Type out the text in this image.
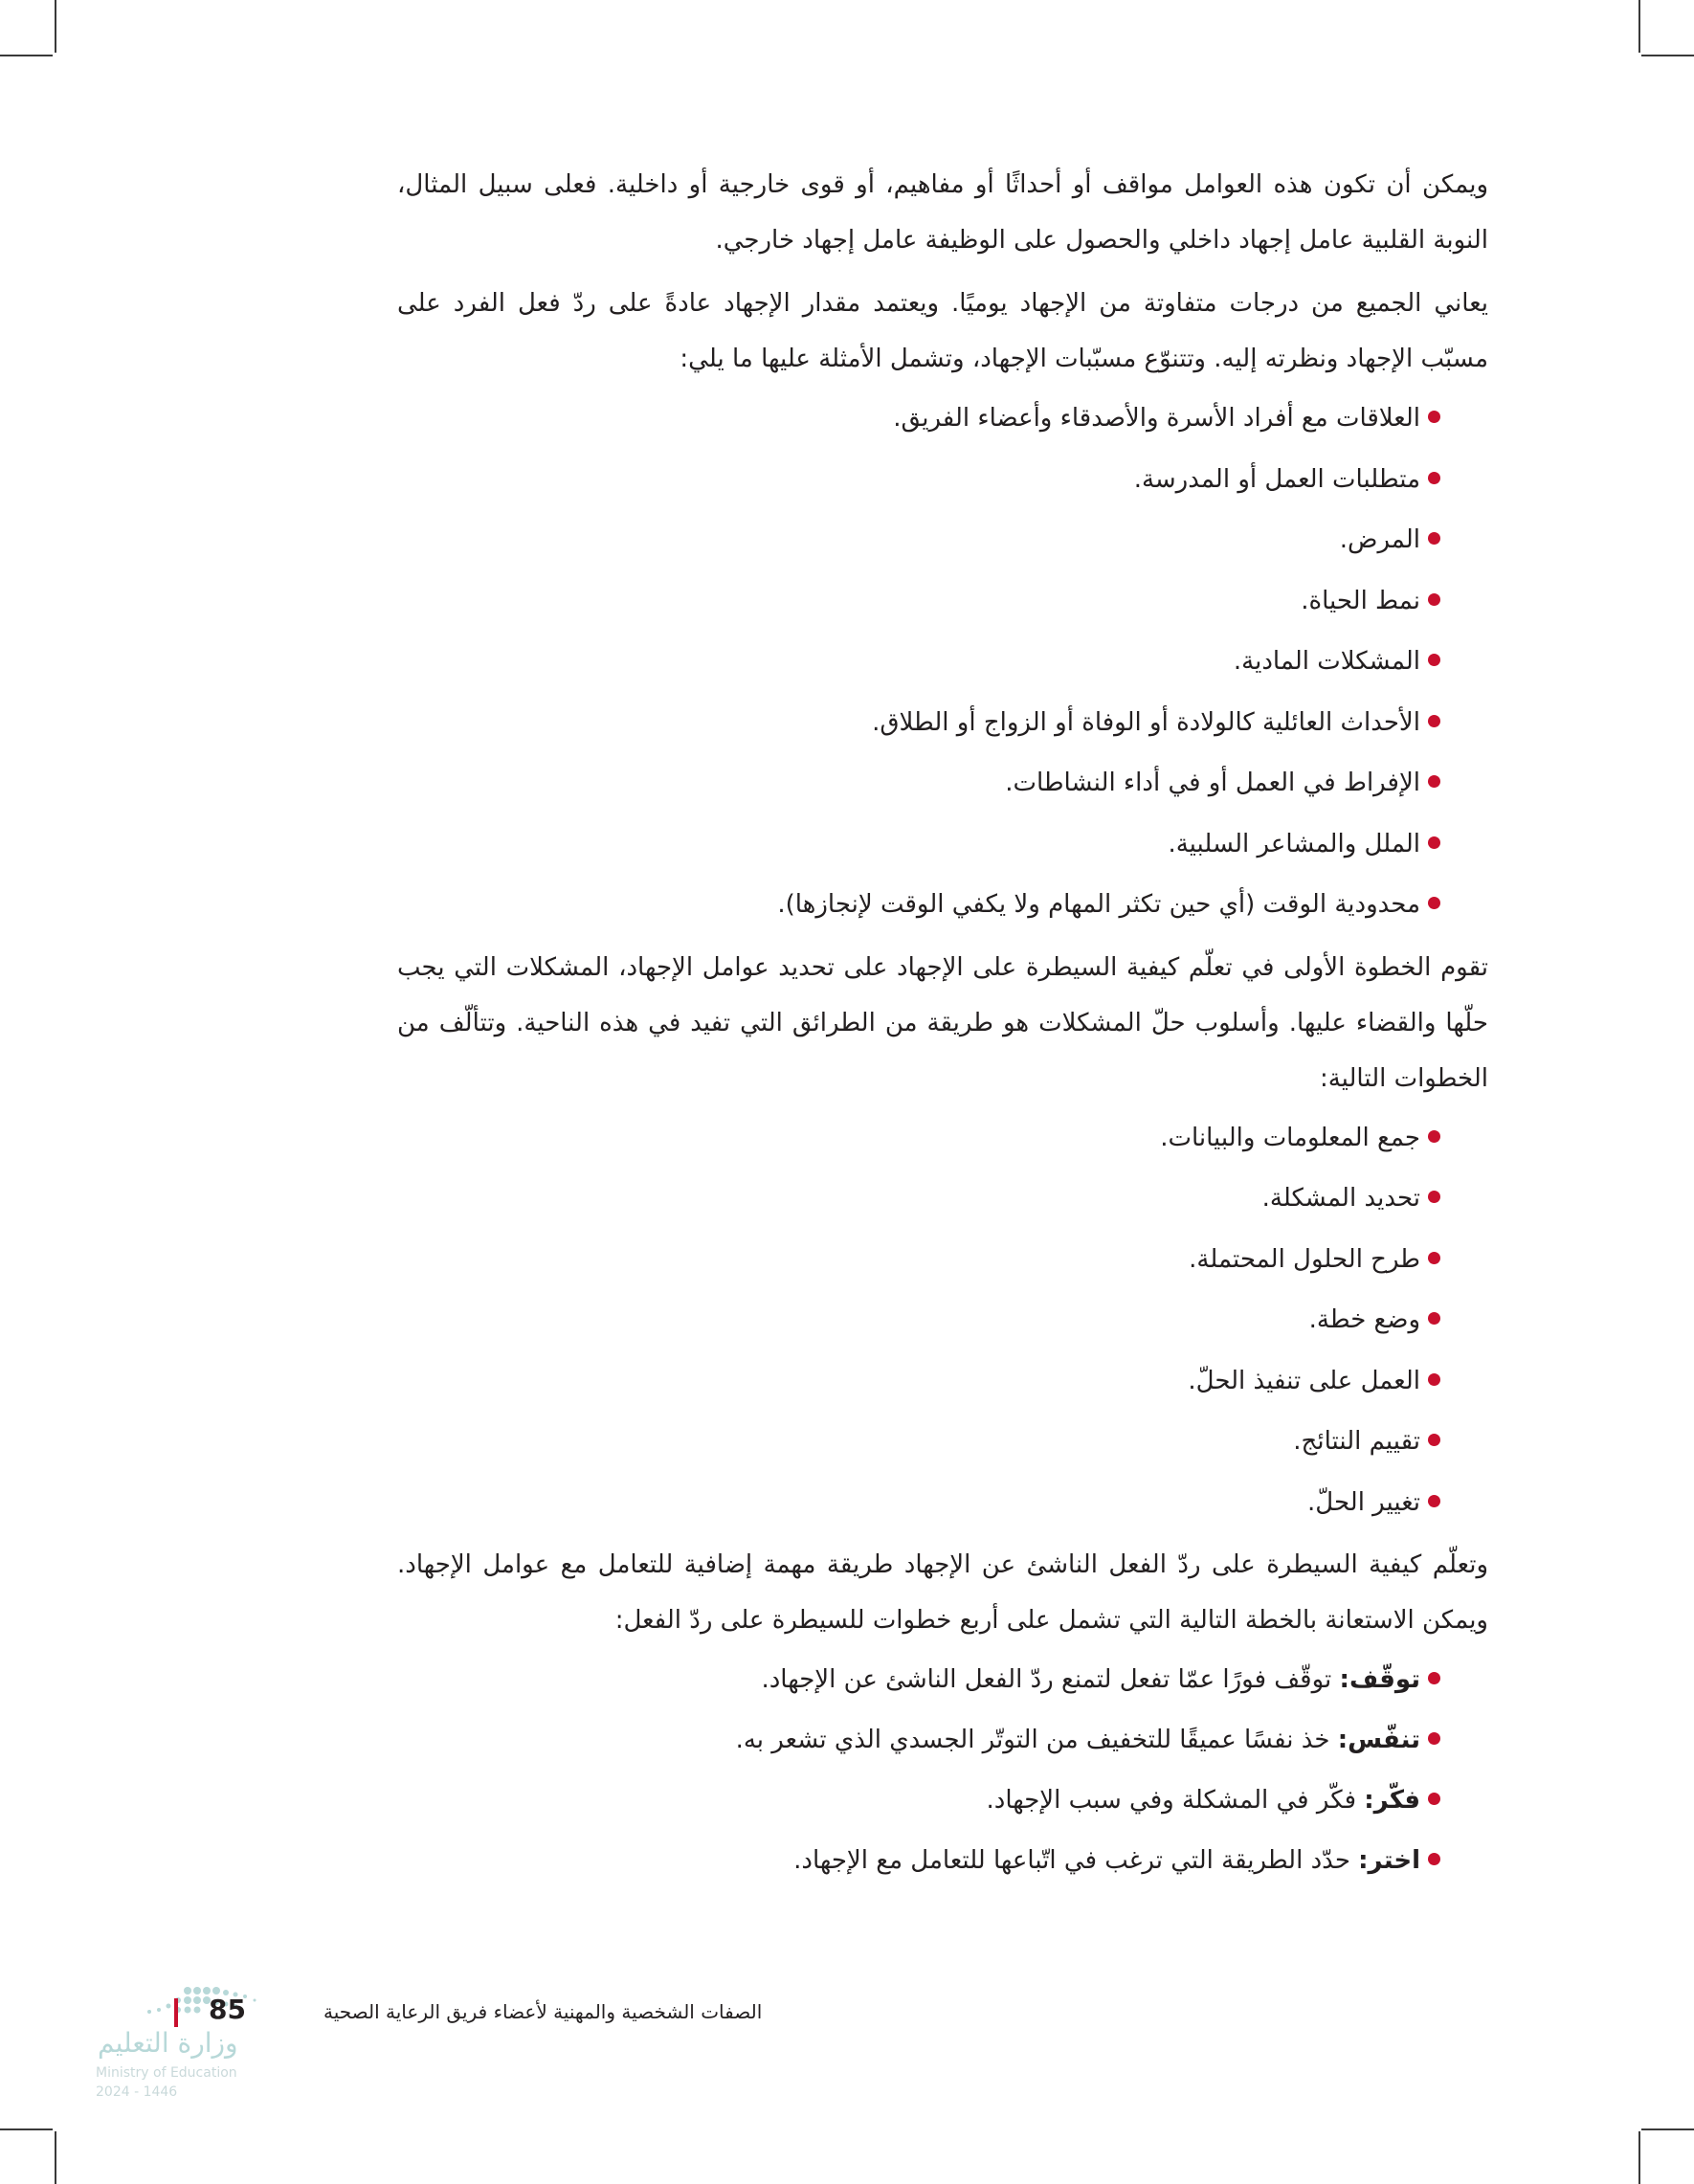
ويمكن أن تكون هذه العوامل مواقف أو أحداثًا أو مفاهيم، أو قوى خارجية أو داخلية. فعلى سبيل المثال، النوبة القلبية عامل إجهاد داخلي والحصول على الوظيفة عامل إجهاد خارجي.

يعاني الجميع من درجات متفاوتة من الإجهاد يوميًا. ويعتمد مقدار الإجهاد عادةً على ردّ فعل الفرد على مسبّب الإجهاد ونظرته إليه. وتتنوّع مسبّبات الإجهاد، وتشمل الأمثلة عليها ما يلي:

العلاقات مع أفراد الأسرة والأصدقاء وأعضاء الفريق.
متطلبات العمل أو المدرسة.
المرض.
نمط الحياة.
المشكلات المادية.
الأحداث العائلية كالولادة أو الوفاة أو الزواج أو الطلاق.
الإفراط في العمل أو في أداء النشاطات.
الملل والمشاعر السلبية.
محدودية الوقت (أي حين تكثر المهام ولا يكفي الوقت لإنجازها).

تقوم الخطوة الأولى في تعلّم كيفية السيطرة على الإجهاد على تحديد عوامل الإجهاد، المشكلات التي يجب حلّها والقضاء عليها. وأسلوب حلّ المشكلات هو طريقة من الطرائق التي تفيد في هذه الناحية. وتتألّف من الخطوات التالية:

جمع المعلومات والبيانات.
تحديد المشكلة.
طرح الحلول المحتملة.
وضع خطة.
العمل على تنفيذ الحلّ.
تقييم النتائج.
تغيير الحلّ.

وتعلّم كيفية السيطرة على ردّ الفعل الناشئ عن الإجهاد طريقة مهمة إضافية للتعامل مع عوامل الإجهاد. ويمكن الاستعانة بالخطة التالية التي تشمل على أربع خطوات للسيطرة على ردّ الفعل:

توقّف: توقّف فورًا عمّا تفعل لتمنع ردّ الفعل الناشئ عن الإجهاد.
تنفّس: خذ نفسًا عميقًا للتخفيف من التوتّر الجسدي الذي تشعر به.
فكّر: فكّر في المشكلة وفي سبب الإجهاد.
اختر: حدّد الطريقة التي ترغب في اتّباعها للتعامل مع الإجهاد.
وزارة التعليم
Ministry of Education
2024 - 1446
85	الصفات الشخصية والمهنية لأعضاء فريق الرعاية الصحية
